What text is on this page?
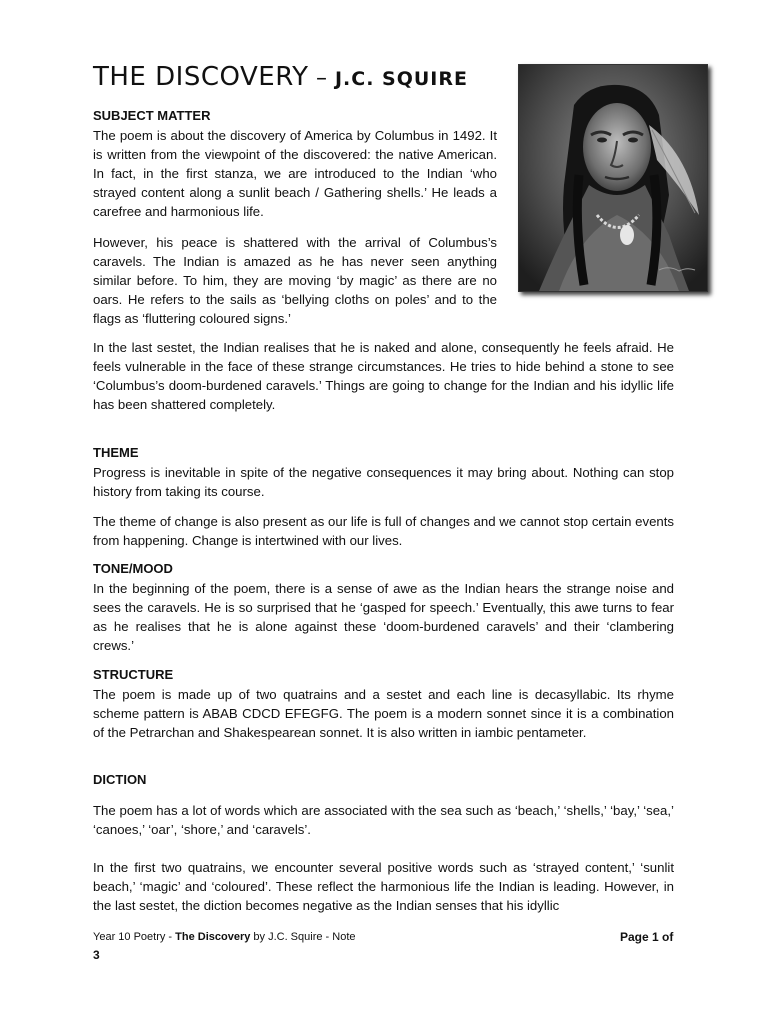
THE DISCOVERY – J.C. SQUIRE
SUBJECT MATTER

The poem is about the discovery of America by Columbus in 1492. It is written from the viewpoint of the discovered: the native American. In fact, in the first stanza, we are introduced to the Indian ‘who strayed content along a sunlit beach / Gathering shells.’ He leads a carefree and harmonious life.

However, his peace is shattered with the arrival of Columbus’s caravels. The Indian is amazed as he has never seen anything similar before. To him, they are moving ‘by magic’ as there are no oars. He refers to the sails as ‘bellying cloths on poles’ and to the flags as ‘fluttering coloured signs.’

In the last sestet, the Indian realises that he is naked and alone, consequently he feels afraid. He feels vulnerable in the face of these strange circumstances. He tries to hide behind a stone to see ‘Columbus’s doom-burdened caravels.’ Things are going to change for the Indian and his idyllic life has been shattered completely.

THEME

Progress is inevitable in spite of the negative consequences it may bring about. Nothing can stop history from taking its course.

The theme of change is also present as our life is full of changes and we cannot stop certain events from happening. Change is intertwined with our lives.

TONE/MOOD

In the beginning of the poem, there is a sense of awe as the Indian hears the strange noise and sees the caravels. He is so surprised that he ‘gasped for speech.’ Eventually, this awe turns to fear as he realises that he is alone against these ‘doom-burdened caravels’ and their ‘clambering crews.’

STRUCTURE

The poem is made up of two quatrains and a sestet and each line is decasyllabic. Its rhyme scheme pattern is ABAB CDCD EFEGFG. The poem is a modern sonnet since it is a combination of the Petrarchan and Shakespearean sonnet. It is also written in iambic pentameter.

DICTION

The poem has a lot of words which are associated with the sea such as ‘beach,’ ‘shells,’ ‘bay,’ ‘sea,’ ‘canoes,’ ‘oar’, ‘shore,’ and ‘caravels’.

In the first two quatrains, we encounter several positive words such as ‘strayed content,’ ‘sunlit beach,’ ‘magic’ and ‘coloured’. These reflect the harmonious life the Indian is leading. However, in the last sestet, the diction becomes negative as the Indian senses that his idyllic

Year 10 Poetry - The Discovery by J.C. Squire - Note	Page 1 of
3
